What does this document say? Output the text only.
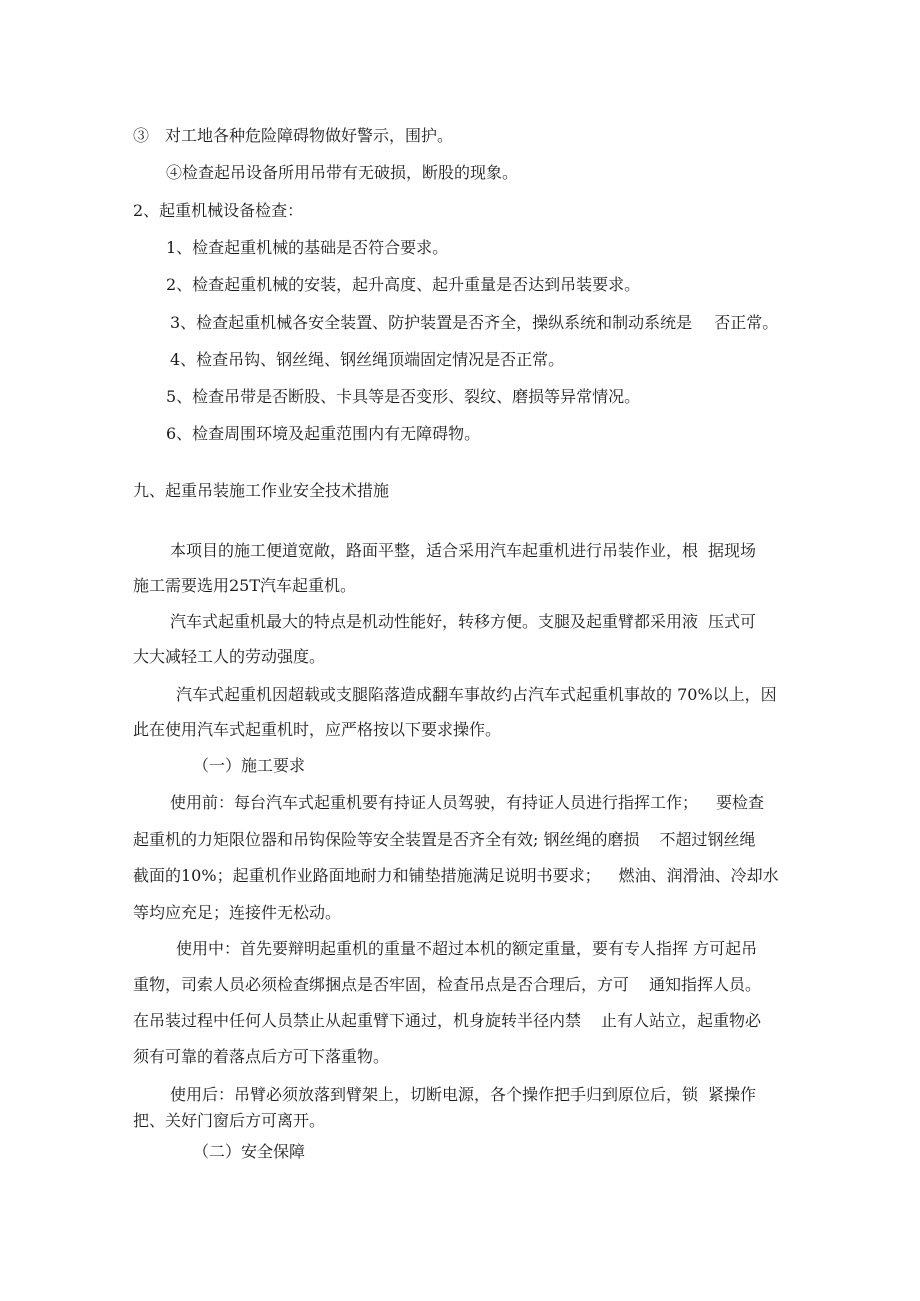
③　对工地各种危险障碍物做好警示，围护。
④检查起吊设备所用吊带有无破损，断股的现象。
2、起重机械设备检查：
1、检查起重机械的基础是否符合要求。
2、检查起重机械的安装，起升高度、起升重量是否达到吊装要求。
3、检查起重机械各安全装置、防护装置是否齐全，操纵系统和制动系统是 否正常。
4、检查吊钩、钢丝绳、钢丝绳顶端固定情况是否正常。
5、检查吊带是否断股、卡具等是否变形、裂纹、磨损等异常情况。
6、检查周围环境及起重范围内有无障碍物。
九、起重吊装施工作业安全技术措施
本项目的施工便道宽敞，路面平整，适合采用汽车起重机进行吊装作业，根 据现场
施工需要选用25T汽车起重机。
汽车式起重机最大的特点是机动性能好，转移方便。支腿及起重臂都采用液 压式可
大大减轻工人的劳动强度。
汽车式起重机因超载或支腿陷落造成翻车事故约占汽车式起重机事故的 70%以上，因
此在使用汽车式起重机时，应严格按以下要求操作。
（一）施工要求
使用前：每台汽车式起重机要有持证人员驾驶，有持证人员进行指挥工作； 要检查
起重机的力矩限位器和吊钩保险等安全装置是否齐全有效; 钢丝绳的磨损 不超过钢丝绳
截面的10%；起重机作业路面地耐力和铺垫措施满足说明书要求； 燃油、润滑油、冷却水
等均应充足；连接件无松动。
使用中：首先要辩明起重机的重量不超过本机的额定重量，要有专人指挥 方可起吊
重物，司索人员必须检查绑捆点是否牢固，检查吊点是否合理后，方可 通知指挥人员。
在吊装过程中任何人员禁止从起重臂下通过，机身旋转半径内禁 止有人站立，起重物必
须有可靠的着落点后方可下落重物。
使用后：吊臂必须放落到臂架上，切断电源，各个操作把手归到原位后，锁 紧操作
把、关好门窗后方可离开。
（二）安全保障
